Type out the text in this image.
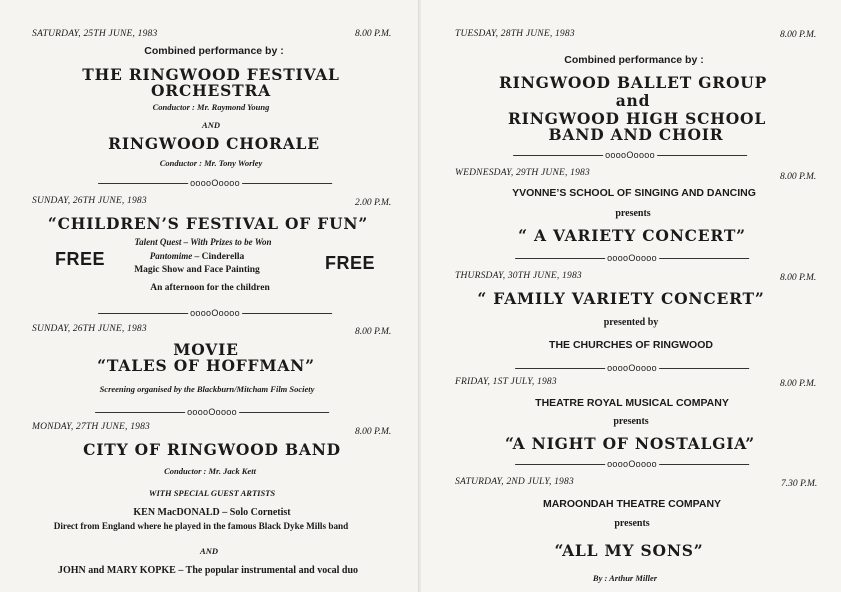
SATURDAY, 25TH JUNE, 1983	8.00 P.M.
Combined performance by :
THE RINGWOOD FESTIVAL
ORCHESTRA
Conductor : Mr. Raymond Young
AND
RINGWOOD CHORALE
Conductor : Mr. Tony Worley
ooooOoooo
SUNDAY, 26TH JUNE, 1983	2.00 P.M.
“CHILDREN’S FESTIVAL OF FUN”
Talent Quest – With Prizes to be Won
Pantomime – Cinderella
Magic Show and Face Painting
An afternoon for the children
FREE	FREE
ooooOoooo
SUNDAY, 26TH JUNE, 1983	8.00 P.M.
MOVIE
“TALES OF HOFFMAN”
Screening organised by the Blackburn/Mitcham Film Society
ooooOoooo
MONDAY, 27TH JUNE, 1983	8.00 P.M.
CITY OF RINGWOOD BAND
Conductor : Mr. Jack Kett
WITH SPECIAL GUEST ARTISTS
KEN MacDONALD – Solo Cornetist
Direct from England where he played in the famous Black Dyke Mills band
AND
JOHN and MARY KOPKE – The popular instrumental and vocal duo
TUESDAY, 28TH JUNE, 1983	8.00 P.M.
Combined performance by :
RINGWOOD BALLET GROUP
and
RINGWOOD HIGH SCHOOL
BAND AND CHOIR
ooooOoooo
WEDNESDAY, 29TH JUNE, 1983	8.00 P.M.
YVONNE’S SCHOOL OF SINGING AND DANCING
presents
“ A VARIETY CONCERT”
ooooOoooo
THURSDAY, 30TH JUNE, 1983	8.00 P.M.
“ FAMILY VARIETY CONCERT”
presented by
THE CHURCHES OF RINGWOOD
ooooOoooo
FRIDAY, 1ST JULY, 1983	8.00 P.M.
THEATRE ROYAL MUSICAL COMPANY
presents
“A NIGHT OF NOSTALGIA”
ooooOoooo
SATURDAY, 2ND JULY, 1983	7.30 P.M.
MAROONDAH THEATRE COMPANY
presents
“ALL MY SONS”
By : Arthur Miller
